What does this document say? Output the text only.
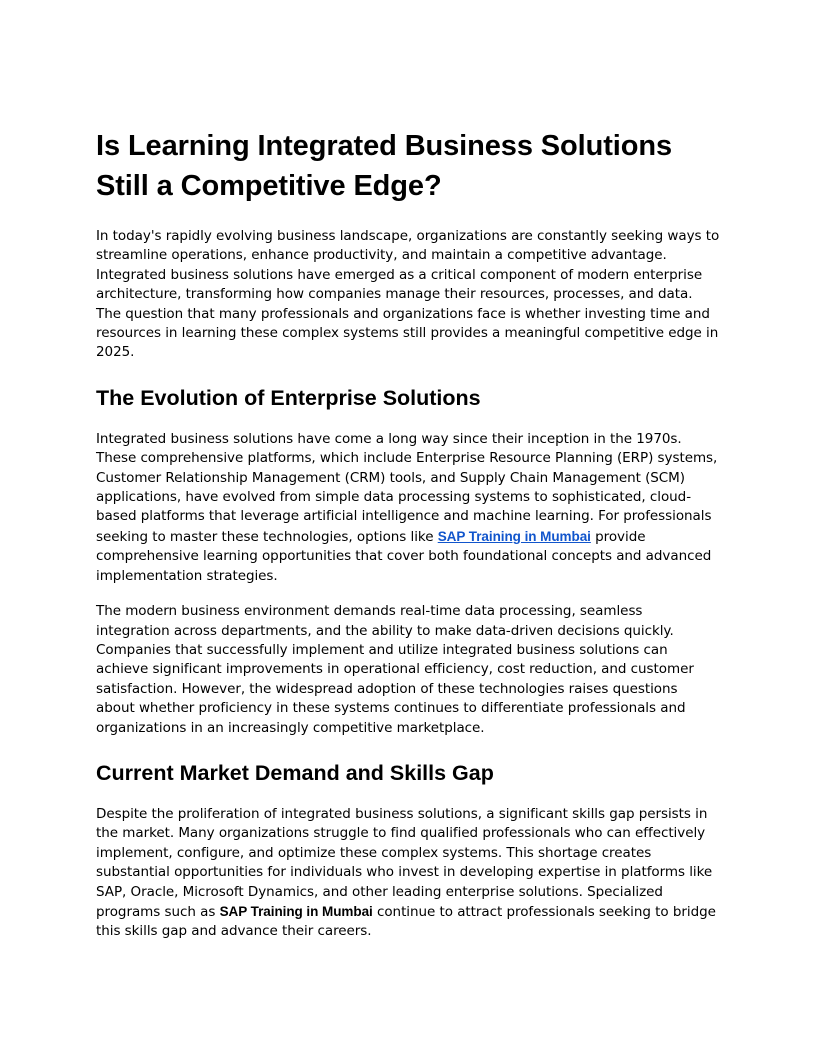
Is Learning Integrated Business Solutions Still a Competitive Edge?

In today's rapidly evolving business landscape, organizations are constantly seeking ways to streamline operations, enhance productivity, and maintain a competitive advantage. Integrated business solutions have emerged as a critical component of modern enterprise architecture, transforming how companies manage their resources, processes, and data. The question that many professionals and organizations face is whether investing time and resources in learning these complex systems still provides a meaningful competitive edge in 2025.

The Evolution of Enterprise Solutions

Integrated business solutions have come a long way since their inception in the 1970s. These comprehensive platforms, which include Enterprise Resource Planning (ERP) systems, Customer Relationship Management (CRM) tools, and Supply Chain Management (SCM) applications, have evolved from simple data processing systems to sophisticated, cloud-based platforms that leverage artificial intelligence and machine learning. For professionals seeking to master these technologies, options like SAP Training in Mumbai provide comprehensive learning opportunities that cover both foundational concepts and advanced implementation strategies.

The modern business environment demands real-time data processing, seamless integration across departments, and the ability to make data-driven decisions quickly. Companies that successfully implement and utilize integrated business solutions can achieve significant improvements in operational efficiency, cost reduction, and customer satisfaction. However, the widespread adoption of these technologies raises questions about whether proficiency in these systems continues to differentiate professionals and organizations in an increasingly competitive marketplace.

Current Market Demand and Skills Gap

Despite the proliferation of integrated business solutions, a significant skills gap persists in the market. Many organizations struggle to find qualified professionals who can effectively implement, configure, and optimize these complex systems. This shortage creates substantial opportunities for individuals who invest in developing expertise in platforms like SAP, Oracle, Microsoft Dynamics, and other leading enterprise solutions. Specialized programs such as SAP Training in Mumbai continue to attract professionals seeking to bridge this skills gap and advance their careers.
